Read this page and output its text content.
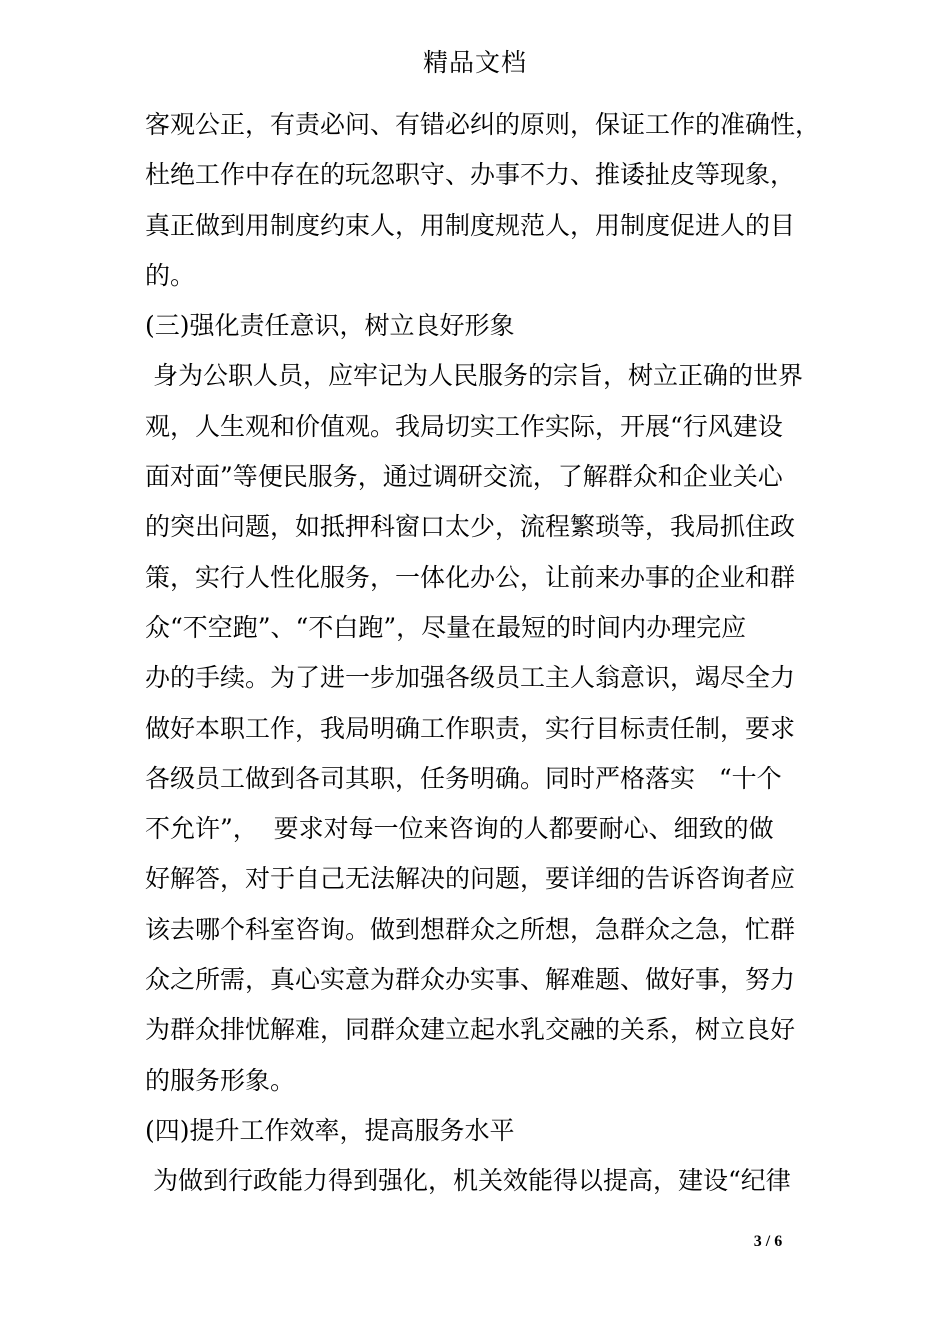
精品文档
客观公正，有责必问、有错必纠的原则，保证工作的准确性，
杜绝工作中存在的玩忽职守、办事不力、推诿扯皮等现象，
真正做到用制度约束人，用制度规范人，用制度促进人的目
的。
(三)强化责任意识，树立良好形象
身为公职人员，应牢记为人民服务的宗旨，树立正确的世界
观，人生观和价值观。我局切实工作实际，开展“行风建设
面对面”等便民服务，通过调研交流，了解群众和企业关心
的突出问题，如抵押科窗口太少，流程繁琐等，我局抓住政
策，实行人性化服务，一体化办公，让前来办事的企业和群
众“不空跑”、“不白跑”，尽量在最短的时间内办理完应
办的手续。为了进一步加强各级员工主人翁意识，竭尽全力
做好本职工作，我局明确工作职责，实行目标责任制，要求
各级员工做到各司其职，任务明确。同时严格落实   “十个
不允许”，  要求对每一位来咨询的人都要耐心、细致的做
好解答，对于自己无法解决的问题，要详细的告诉咨询者应
该去哪个科室咨询。做到想群众之所想，急群众之急，忙群
众之所需，真心实意为群众办实事、解难题、做好事，努力
为群众排忧解难，同群众建立起水乳交融的关系，树立良好
的服务形象。
(四)提升工作效率，提高服务水平
为做到行政能力得到强化，机关效能得以提高，建设“纪律
3 / 6
